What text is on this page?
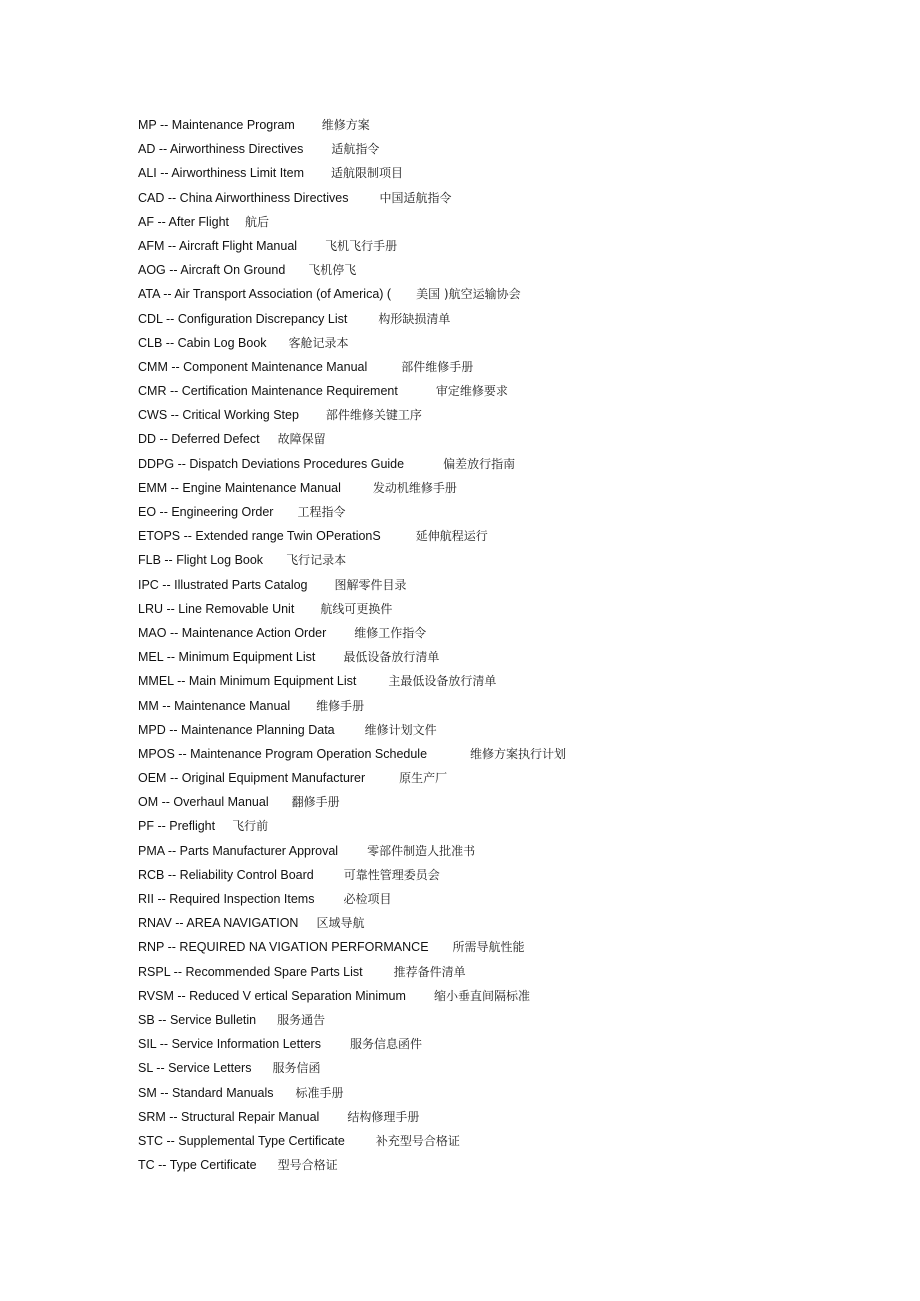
MP -- Maintenance Program 维修方案
AD -- Airworthiness Directives 适航指令
ALI -- Airworthiness Limit Item 适航限制项目
CAD -- China Airworthiness Directives	中国适航指令
AF -- After Flight 航后
AFM -- Aircraft Flight Manual 飞机飞行手册
AOG -- Aircraft On Ground 飞机停飞
ATA -- Air Transport Association (of America) ( 美国 )航空运输协会
CDL -- Configuration Discrepancy List	构形缺损清单
CLB -- Cabin Log Book 客舱记录本
CMM -- Component Maintenance Manual	部件维修手册
CMR -- Certification Maintenance Requirement	审定维修要求
CWS -- Critical Working Step 部件维修关键工序
DD -- Deferred Defect 故障保留
DDPG -- Dispatch Deviations Procedures Guide	偏差放行指南
EMM -- Engine Maintenance Manual	发动机维修手册
EO -- Engineering Order 工程指令
ETOPS -- Extended range Twin OPerationS	延伸航程运行
FLB -- Flight Log Book 飞行记录本
IPC -- Illustrated Parts Catalog 图解零件目录
LRU -- Line Removable Unit 航线可更换件
MAO -- Maintenance Action Order 维修工作指令
MEL -- Minimum Equipment List 最低设备放行清单
MMEL -- Main Minimum Equipment List	主最低设备放行清单
MM -- Maintenance Manual 维修手册
MPD -- Maintenance Planning Data	维修计划文件
MPOS -- Maintenance Program Operation Schedule	维修方案执行计划
OEM -- Original Equipment Manufacturer	原生产厂
OM -- Overhaul Manual 翻修手册
PF -- Preflight 飞行前
PMA -- Parts Manufacturer Approval 零部件制造人批准书
RCB -- Reliability Control Board	可靠性管理委员会
RII -- Required Inspection Items 必检项目
RNAV -- AREA NAVIGATION 区域导航
RNP -- REQUIRED NA VIGATION PERFORMANCE 所需导航性能
RSPL -- Recommended Spare Parts List	推荐备件清单
RVSM -- Reduced V ertical Separation Minimum 缩小垂直间隔标准
SB -- Service Bulletin 服务通告
SIL -- Service Information Letters 服务信息函件
SL -- Service Letters 服务信函
SM -- Standard Manuals 标准手册
SRM -- Structural Repair Manual 结构修理手册
STC -- Supplemental Type Certificate	补充型号合格证
TC -- Type Certificate 型号合格证
